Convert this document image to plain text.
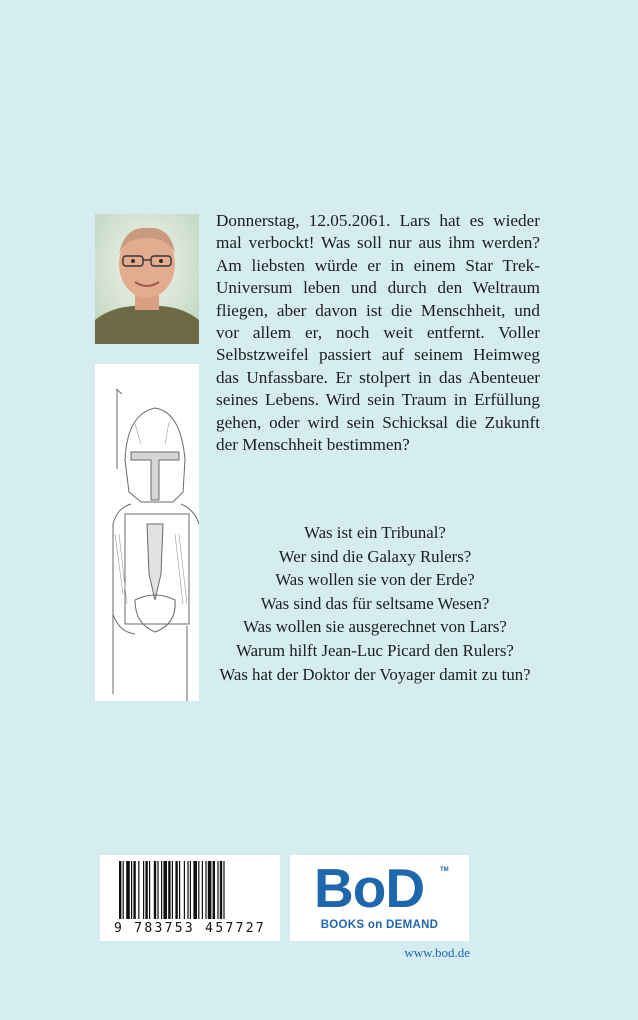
Donnerstag, 12.05.2061. Lars hat es wieder mal verbockt! Was soll nur aus ihm werden?Am liebsten würde er in einem Star Trek-Universum leben und durch den Weltraum fliegen, aber davon ist die Menschheit, und vor allem er, noch weit entfernt. Voller Selbstzweifel passiert auf seinem Heimweg das Unfassbare. Er stolpert in das Abenteuer seines Lebens. Wird sein Traum in Erfüllung gehen, oder wird sein Schicksal die Zukunft der Menschheit bestimmen?

Was ist ein Tribunal?
Wer sind die Galaxy Rulers?
Was wollen sie von der Erde?
Was sind das für seltsame Wesen?
Was wollen sie ausgerechnet von Lars?
Warum hilft Jean-Luc Picard den Rulers?
Was hat der Doktor der Voyager damit zu tun?
9 783753 457727
BoD	TM
BOOKS on DEMAND
www.bod.de
